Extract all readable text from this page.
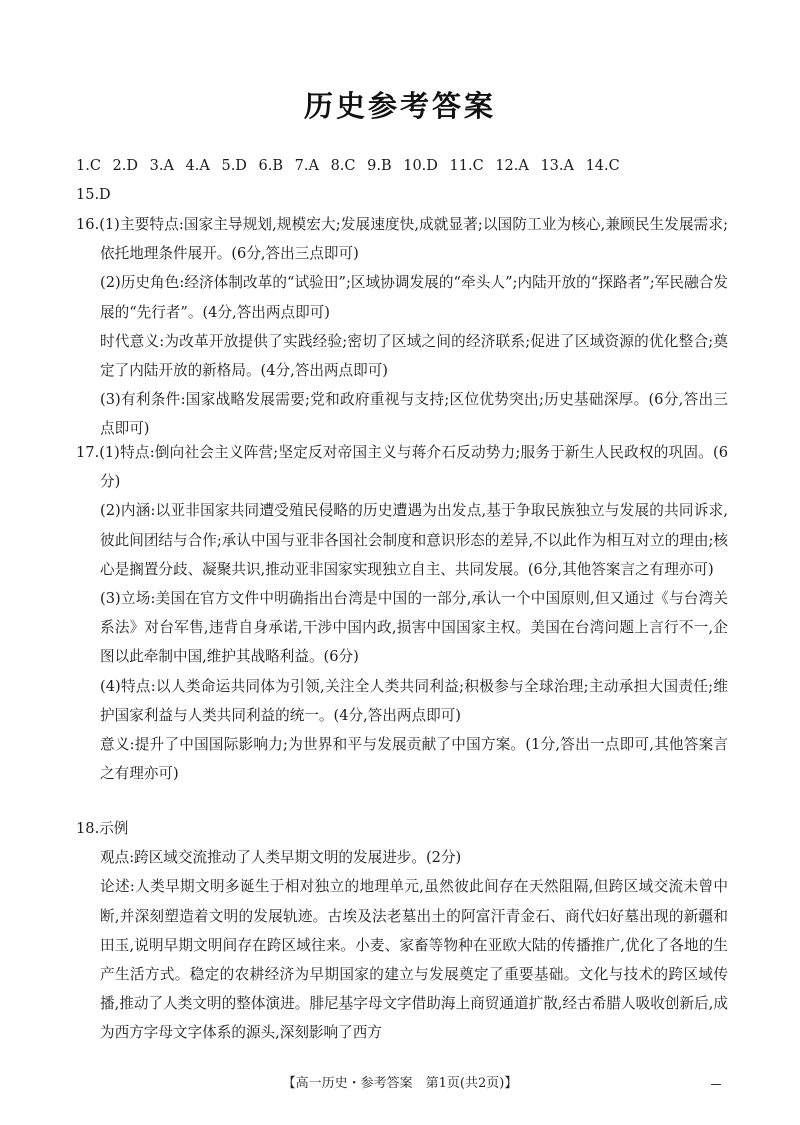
历史参考答案
1.C 2.D 3.A 4.A 5.D 6.B 7.A 8.C 9.B 10.D 11.C 12.A 13.A 14.C
15.D

16.(1)主要特点:国家主导规划,规模宏大;发展速度快,成就显著;以国防工业为核心,兼顾民生发展需求;依托地理条件展开。(6分,答出三点即可)

(2)历史角色:经济体制改革的“试验田”;区域协调发展的“牵头人”;内陆开放的“探路者”;军民融合发展的“先行者”。(4分,答出两点即可)

时代意义:为改革开放提供了实践经验;密切了区域之间的经济联系;促进了区域资源的优化整合;奠定了内陆开放的新格局。(4分,答出两点即可)

(3)有利条件:国家战略发展需要;党和政府重视与支持;区位优势突出;历史基础深厚。(6分,答出三点即可)

17.(1)特点:倒向社会主义阵营;坚定反对帝国主义与蒋介石反动势力;服务于新生人民政权的巩固。(6分)

(2)内涵:以亚非国家共同遭受殖民侵略的历史遭遇为出发点,基于争取民族独立与发展的共同诉求,彼此间团结与合作;承认中国与亚非各国社会制度和意识形态的差异,不以此作为相互对立的理由;核心是搁置分歧、凝聚共识,推动亚非国家实现独立自主、共同发展。(6分,其他答案言之有理亦可)

(3)立场:美国在官方文件中明确指出台湾是中国的一部分,承认一个中国原则,但又通过《与台湾关系法》对台军售,违背自身承诺,干涉中国内政,损害中国国家主权。美国在台湾问题上言行不一,企图以此牵制中国,维护其战略利益。(6分)

(4)特点:以人类命运共同体为引领,关注全人类共同利益;积极参与全球治理;主动承担大国责任;维护国家利益与人类共同利益的统一。(4分,答出两点即可)

意义:提升了中国国际影响力;为世界和平与发展贡献了中国方案。(1分,答出一点即可,其他答案言之有理亦可)

18.示例

观点:跨区域交流推动了人类早期文明的发展进步。(2分)

论述:人类早期文明多诞生于相对独立的地理单元,虽然彼此间存在天然阻隔,但跨区域交流未曾中断,并深刻塑造着文明的发展轨迹。古埃及法老墓出土的阿富汗青金石、商代妇好墓出现的新疆和田玉,说明早期文明间存在跨区域往来。小麦、家畜等物种在亚欧大陆的传播推广,优化了各地的生产生活方式。稳定的农耕经济为早期国家的建立与发展奠定了重要基础。文化与技术的跨区域传播,推动了人类文明的整体演进。腓尼基字母文字借助海上商贸通道扩散,经古希腊人吸收创新后,成为西方字母文字体系的源头,深刻影响了西方

【高一历史・参考答案　第1页(共2页)】
